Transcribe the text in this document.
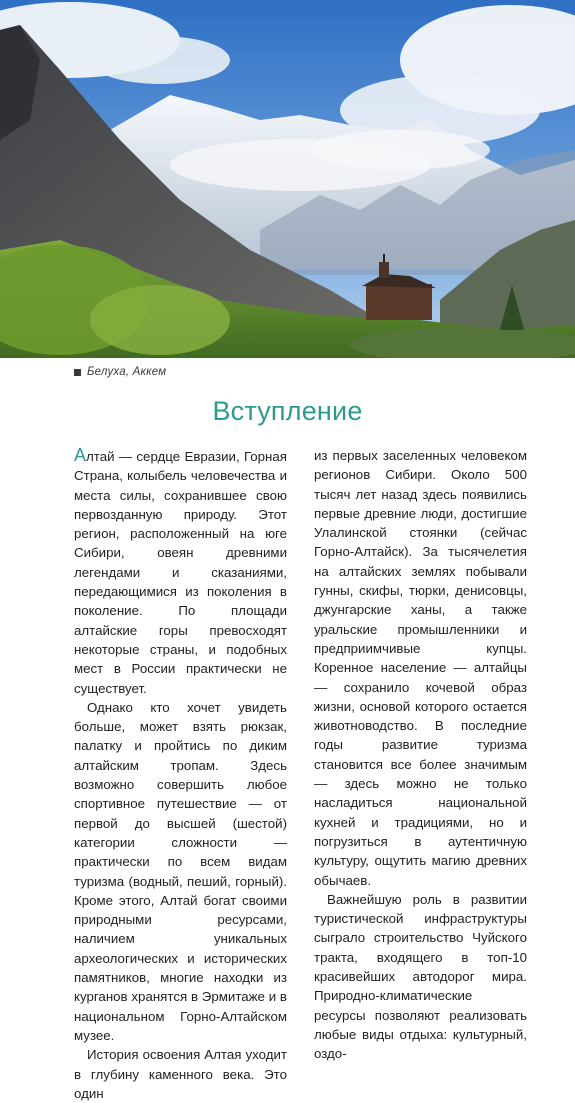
Белуха, Аккем
Вступление

Алтай — сердце Евразии, Горная Страна, колыбель человечества и места силы, сохранившее свою первозданную природу. Этот регион, расположенный на юге Сибири, овеян древними легендами и сказаниями, передающимися из поколения в поколение. По площади алтайские горы превосходят некоторые страны, и подобных мест в России практически не существует.

Однако кто хочет увидеть больше, может взять рюкзак, палатку и пройтись по диким алтайским тропам. Здесь возможно совершить любое спортивное путешествие — от первой до высшей (шестой) категории сложности — практически по всем видам туризма (водный, пеший, горный). Кроме этого, Алтай богат своими природными ресурсами, наличием уникальных археологических и исторических памятников, многие находки из курганов хранятся в Эрмитаже и в национальном Горно-Алтайском музее.

История освоения Алтая уходит в глубину каменного века. Это один

из первых заселенных человеком регионов Сибири. Около 500 тысяч лет назад здесь появились первые древние люди, достигшие Улалинской стоянки (сейчас Горно-Алтайск). За тысячелетия на алтайских землях побывали гунны, скифы, тюрки, денисовцы, джунгарские ханы, а также уральские промышленники и предприимчивые купцы. Коренное население — алтайцы — сохранило кочевой образ жизни, основой которого остается животноводство. В последние годы развитие туризма становится все более значимым — здесь можно не только насладиться национальной кухней и традициями, но и погрузиться в аутентичную культуру, ощутить магию древних обычаев.

Важнейшую роль в развитии туристической инфраструктуры сыграло строительство Чуйского тракта, входящего в топ-10 красивейших автодорог мира. Природно-климатические ресурсы позволяют реализовать любые виды отдыха: культурный, оздо-
